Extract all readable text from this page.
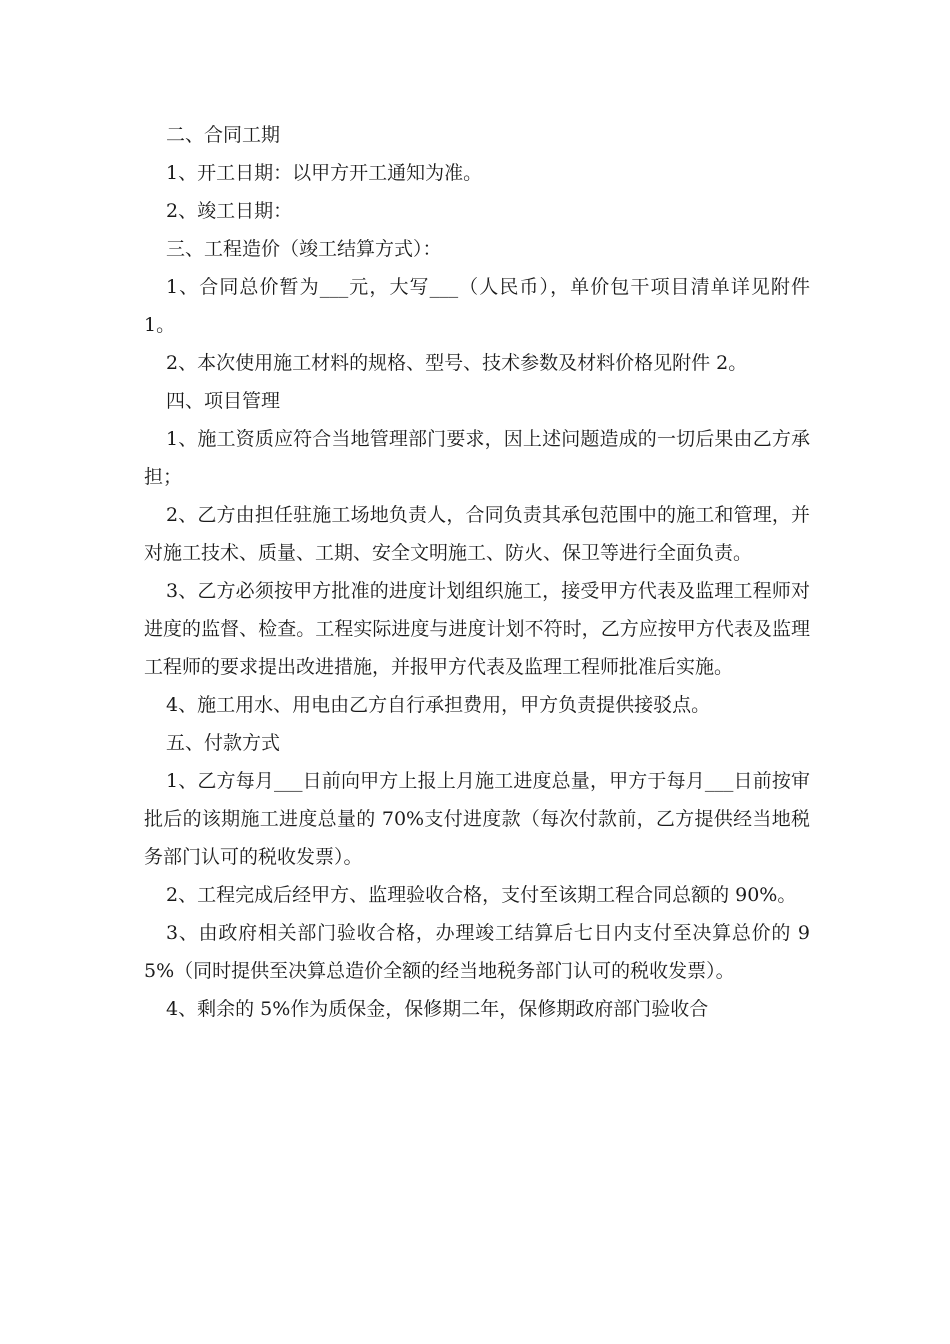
二、合同工期

1、开工日期：以甲方开工通知为准。

2、竣工日期：

三、工程造价（竣工结算方式）：

1、合同总价暂为___元，大写___（人民币），单价包干项目清单详见附件 1。

2、本次使用施工材料的规格、型号、技术参数及材料价格见附件 2。

四、项目管理

1、施工资质应符合当地管理部门要求，因上述问题造成的一切后果由乙方承担；

2、乙方由担任驻施工场地负责人，合同负责其承包范围中的施工和管理，并对施工技术、质量、工期、安全文明施工、防火、保卫等进行全面负责。

3、乙方必须按甲方批准的进度计划组织施工，接受甲方代表及监理工程师对进度的监督、检查。工程实际进度与进度计划不符时，乙方应按甲方代表及监理工程师的要求提出改进措施，并报甲方代表及监理工程师批准后实施。

4、施工用水、用电由乙方自行承担费用，甲方负责提供接驳点。

五、付款方式

1、乙方每月___日前向甲方上报上月施工进度总量，甲方于每月___日前按审批后的该期施工进度总量的 70%支付进度款（每次付款前，乙方提供经当地税务部门认可的税收发票）。

2、工程完成后经甲方、监理验收合格，支付至该期工程合同总额的 90%。

3、由政府相关部门验收合格，办理竣工结算后七日内支付至决算总价的 95%（同时提供至决算总造价全额的经当地税务部门认可的税收发票）。

4、剩余的 5%作为质保金，保修期二年，保修期政府部门验收合
